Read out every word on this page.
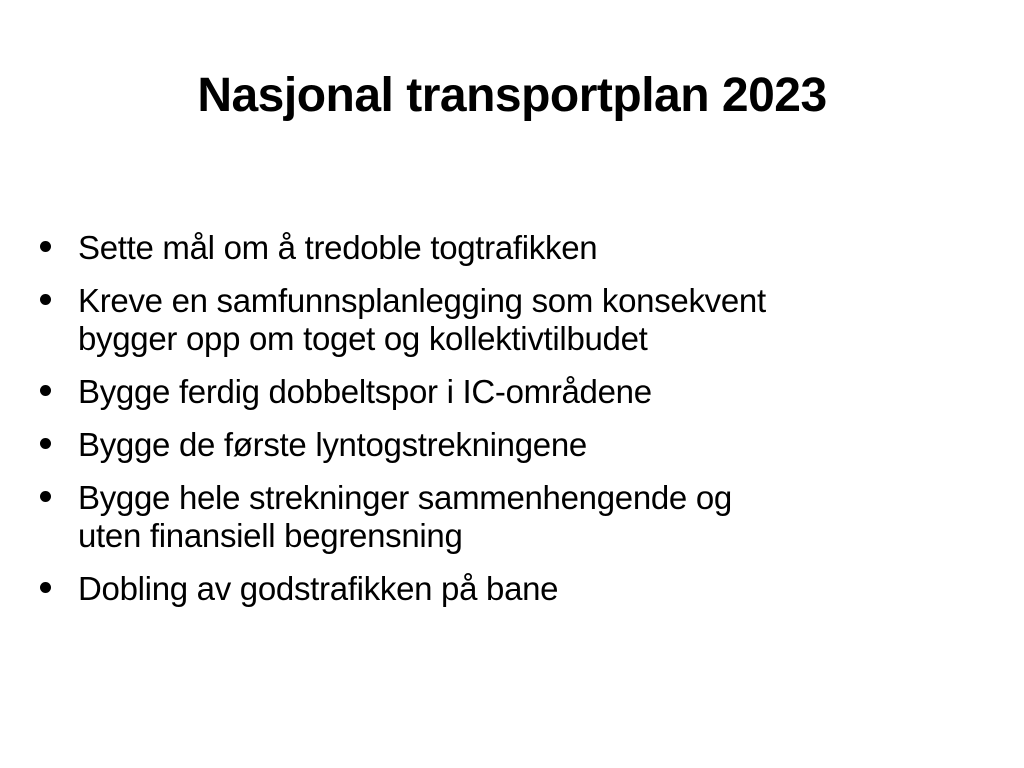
Nasjonal transportplan 2023
Sette mål om å tredoble togtrafikken
Kreve en samfunnsplanlegging som konsekvent
bygger opp om toget og kollektivtilbudet
Bygge ferdig dobbeltspor i IC-områdene
Bygge de første lyntogstrekningene
Bygge hele strekninger sammenhengende og
uten finansiell begrensning
Dobling av godstrafikken på bane
